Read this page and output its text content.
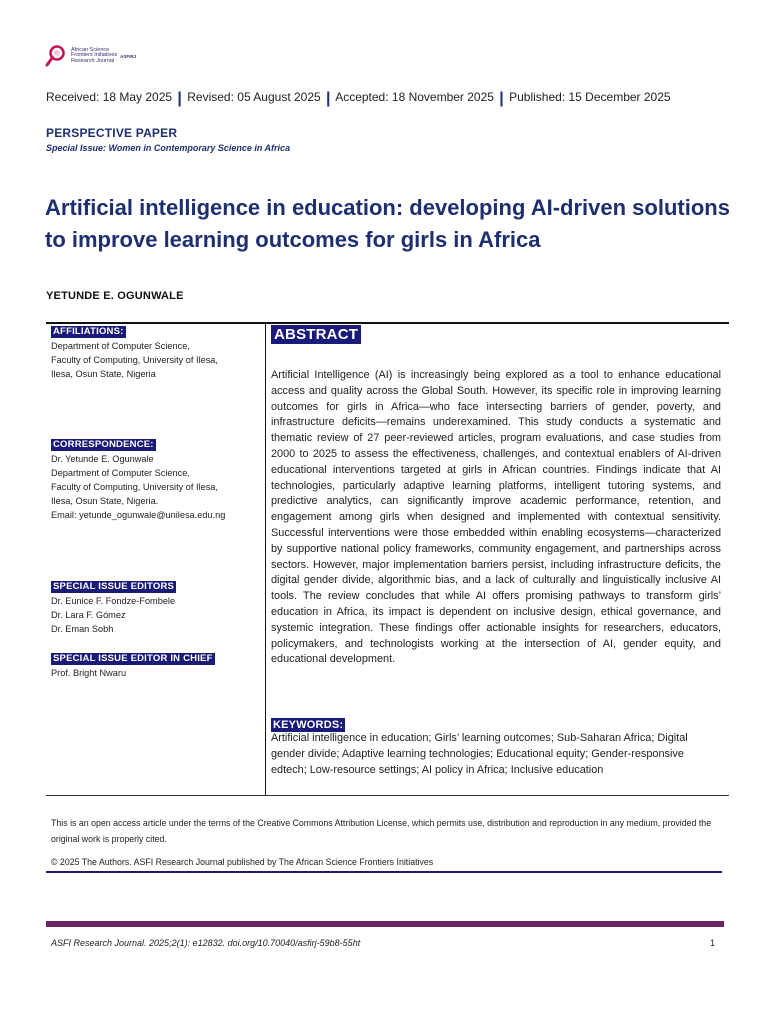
African Science
Frontiers Initiatives
Research Journal
ASFIRJ
Received: 18 May 2025 | Revised: 05 August 2025 | Accepted: 18 November 2025 | Published: 15 December 2025
PERSPECTIVE PAPER
Special Issue: Women in Contemporary Science in Africa
Artificial intelligence in education: developing AI-driven solutions to improve learning outcomes for girls in Africa
YETUNDE E. OGUNWALE
AFFILIATIONS:
Department of Computer Science,
Faculty of Computing, University of Ilesa,
Ilesa, Osun State, Nigeria
CORRESPONDENCE:
Dr. Yetunde E. Ogunwale
Department of Computer Science,
Faculty of Computing, University of Ilesa,
Ilesa, Osun State, Nigeria.
Email: yetunde_ogunwale@unilesa.edu.ng
SPECIAL ISSUE EDITORS
Dr. Eunice F. Fondze-Fombele
Dr. Lara F. Gómez
Dr. Eman Sobh
SPECIAL ISSUE EDITOR IN CHIEF
Prof. Bright Nwaru
ABSTRACT
Artificial Intelligence (AI) is increasingly being explored as a tool to enhance educational access and quality across the Global South. However, its specific role in improving learning outcomes for girls in Africa—who face intersecting barriers of gender, poverty, and infrastructure deficits—remains underexamined. This study conducts a systematic and thematic review of 27 peer-reviewed articles, program evaluations, and case studies from 2000 to 2025 to assess the effectiveness, challenges, and contextual enablers of AI-driven educational interventions targeted at girls in African countries. Findings indicate that AI technologies, particularly adaptive learning platforms, intelligent tutoring systems, and predictive analytics, can significantly improve academic performance, retention, and engagement among girls when designed and implemented with contextual sensitivity. Successful interventions were those embedded within enabling ecosystems—characterized by supportive national policy frameworks, community engagement, and partnerships across sectors. However, major implementation barriers persist, including infrastructure deficits, the digital gender divide, algorithmic bias, and a lack of culturally and linguistically inclusive AI tools. The review concludes that while AI offers promising pathways to transform girls’ education in Africa, its impact is dependent on inclusive design, ethical governance, and systemic integration. These findings offer actionable insights for researchers, educators, policymakers, and technologists working at the intersection of AI, gender equity, and educational development.
KEYWORDS:
Artificial intelligence in education; Girls’ learning outcomes; Sub-Saharan Africa; Digital gender divide; Adaptive learning technologies; Educational equity; Gender-responsive edtech; Low-resource settings; AI policy in Africa; Inclusive education
This is an open access article under the terms of the Creative Commons Attribution License, which permits use, distribution and reproduction in any medium, provided the original work is properly cited.
© 2025 The Authors. ASFI Research Journal published by The African Science Frontiers Initiatives
ASFI Research Journal. 2025;2(1): e12832. doi.org/10.70040/asfirj-59b8-55ht	1
